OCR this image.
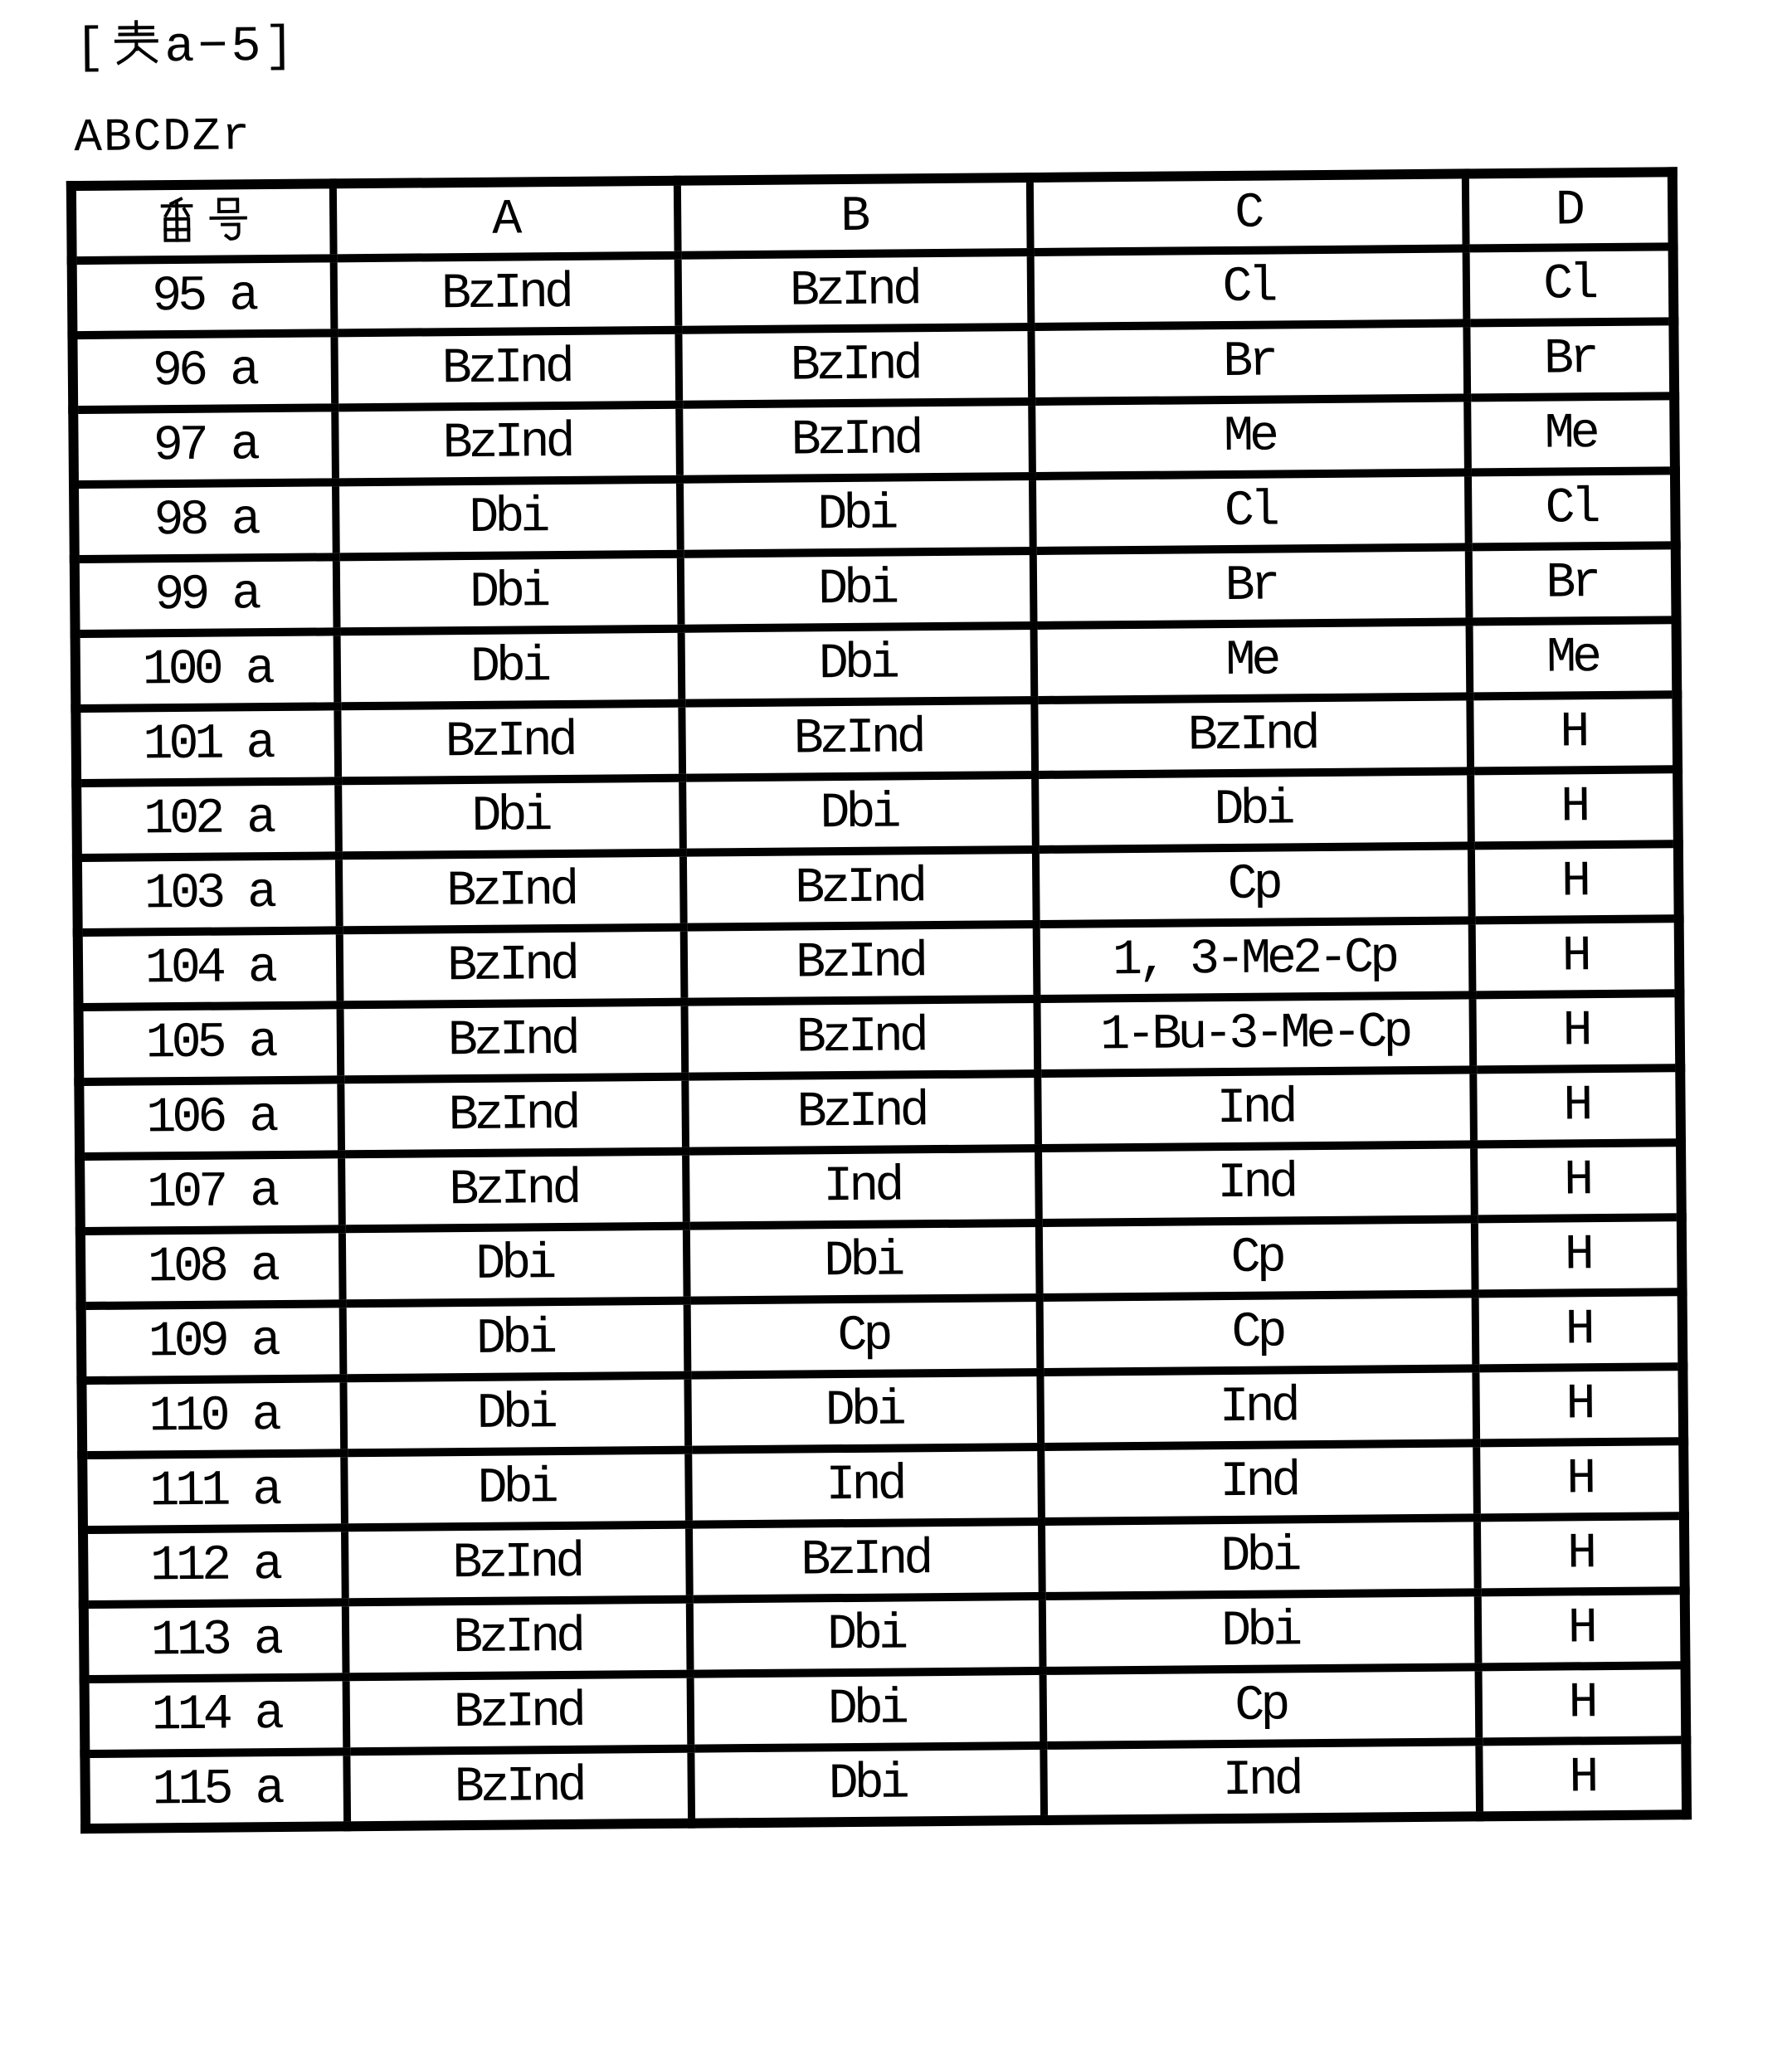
[ a−5]
ABCDZr
	A	B	C	D
95 a	BzInd	BzInd	Cl	Cl
96 a	BzInd	BzInd	Br	Br
97 a	BzInd	BzInd	Me	Me
98 a	Dbi	Dbi	Cl	Cl
99 a	Dbi	Dbi	Br	Br
100 a	Dbi	Dbi	Me	Me
101 a	BzInd	BzInd	BzInd	H
102 a	Dbi	Dbi	Dbi	H
103 a	BzInd	BzInd	Cp	H
104 a	BzInd	BzInd	1, 3-Me2-Cp	H
105 a	BzInd	BzInd	1-Bu-3-Me-Cp	H
106 a	BzInd	BzInd	Ind	H
107 a	BzInd	Ind	Ind	H
108 a	Dbi	Dbi	Cp	H
109 a	Dbi	Cp	Cp	H
110 a	Dbi	Dbi	Ind	H
111 a	Dbi	Ind	Ind	H
112 a	BzInd	BzInd	Dbi	H
113 a	BzInd	Dbi	Dbi	H
114 a	BzInd	Dbi	Cp	H
115 a	BzInd	Dbi	Ind	H
